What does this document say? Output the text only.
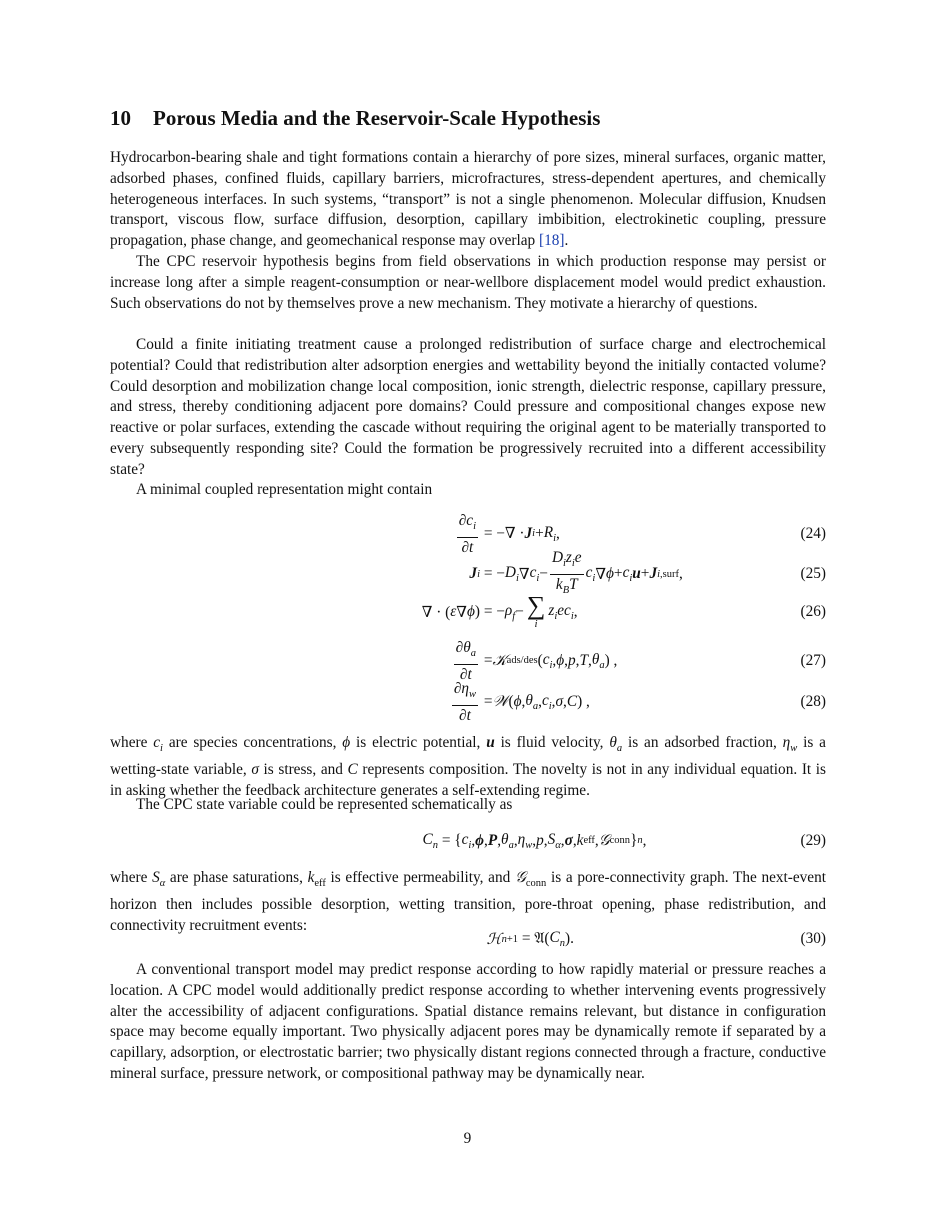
10 Porous Media and the Reservoir-Scale Hypothesis

Hydrocarbon-bearing shale and tight formations contain a hierarchy of pore sizes, mineral surfaces, organic matter, adsorbed phases, confined fluids, capillary barriers, microfractures, stress-dependent apertures, and chemically heterogeneous interfaces. In such systems, “transport” is not a single phenomenon. Molecular diffusion, Knudsen transport, viscous flow, surface diffusion, desorption, capillary imbibition, electrokinetic coupling, pressure propagation, phase change, and geomechanical response may overlap [18].

The CPC reservoir hypothesis begins from field observations in which production response may persist or increase long after a simple reagent-consumption or near-wellbore displacement model would predict exhaustion. Such observations do not by themselves prove a new mechanism. They motivate a hierarchy of questions.

Could a finite initiating treatment cause a prolonged redistribution of surface charge and electrochemical potential? Could that redistribution alter adsorption energies and wettability beyond the initially contacted volume? Could desorption and mobilization change local composition, ionic strength, dielectric response, capillary pressure, and stress, thereby conditioning adjacent pore domains? Could pressure and compositional changes expose new reactive or polar surfaces, extending the cascade without requiring the original agent to be materially transported to every subsequently responding site? Could the formation be progressively recruited into a different accessibility state?

A minimal coupled representation might contain

$\frac{\partial c_i}{\partial t}$ = −∇ · J $i + R_i$ ,	(24)
J i = − $D_i$ ∇ $c_i - \frac{D_iz_ie}{k_BT} c_i$ ∇ $\phi + c_i$ u + J i,surf ,	(25)
∇ · ( ε ∇ ϕ ) = − $\rho_f$ − ∑
i
$z_iec_i$ ,	(26)
$\frac{\partial\theta_a}{\partial t}$ = 𝒦 ads/des ( $c_i$ , ϕ , p , T , $\theta_a$ ) ,	(27)
$\frac{\partial\eta_w}{\partial t}$ = 𝒲 ( ϕ , $\theta_a$ , $c_i$ , σ , C ) ,	(28)

where $c_i$ are species concentrations, ϕ is electric potential, u is fluid velocity, $\theta_a$ is an adsorbed fraction, $\eta_w$ is a wetting-state variable, σ is stress, and C represents composition. The novelty is not in any individual equation. It is in asking whether the feedback architecture generates a self-extending regime.

The CPC state variable could be represented schematically as

$C_n$ = { $c_i$ , ϕ , P , $\theta_a$ , $\eta_w$ , p , $S_\alpha$ , σ , k eff , 𝒢 conn } n ,	(29)

where $S_\alpha$ are phase saturations, $k_{eff}$ is effective permeability, and 𝒢$_{conn}$ is a pore-connectivity graph. The next-event horizon then includes possible desorption, wetting transition, pore-throat opening, phase redistribution, and connectivity recruitment events:

ℋ n+1 = 𝔄( $C_n$ ).	(30)

A conventional transport model may predict response according to how rapidly material or pressure reaches a location. A CPC model would additionally predict response according to whether intervening events progressively alter the accessibility of adjacent configurations. Spatial distance remains relevant, but distance in configuration space may become equally important. Two physically adjacent pores may be dynamically remote if separated by a capillary, adsorption, or electrostatic barrier; two physically distant regions connected through a fracture, conductive mineral surface, pressure network, or compositional pathway may be dynamically near.

9
